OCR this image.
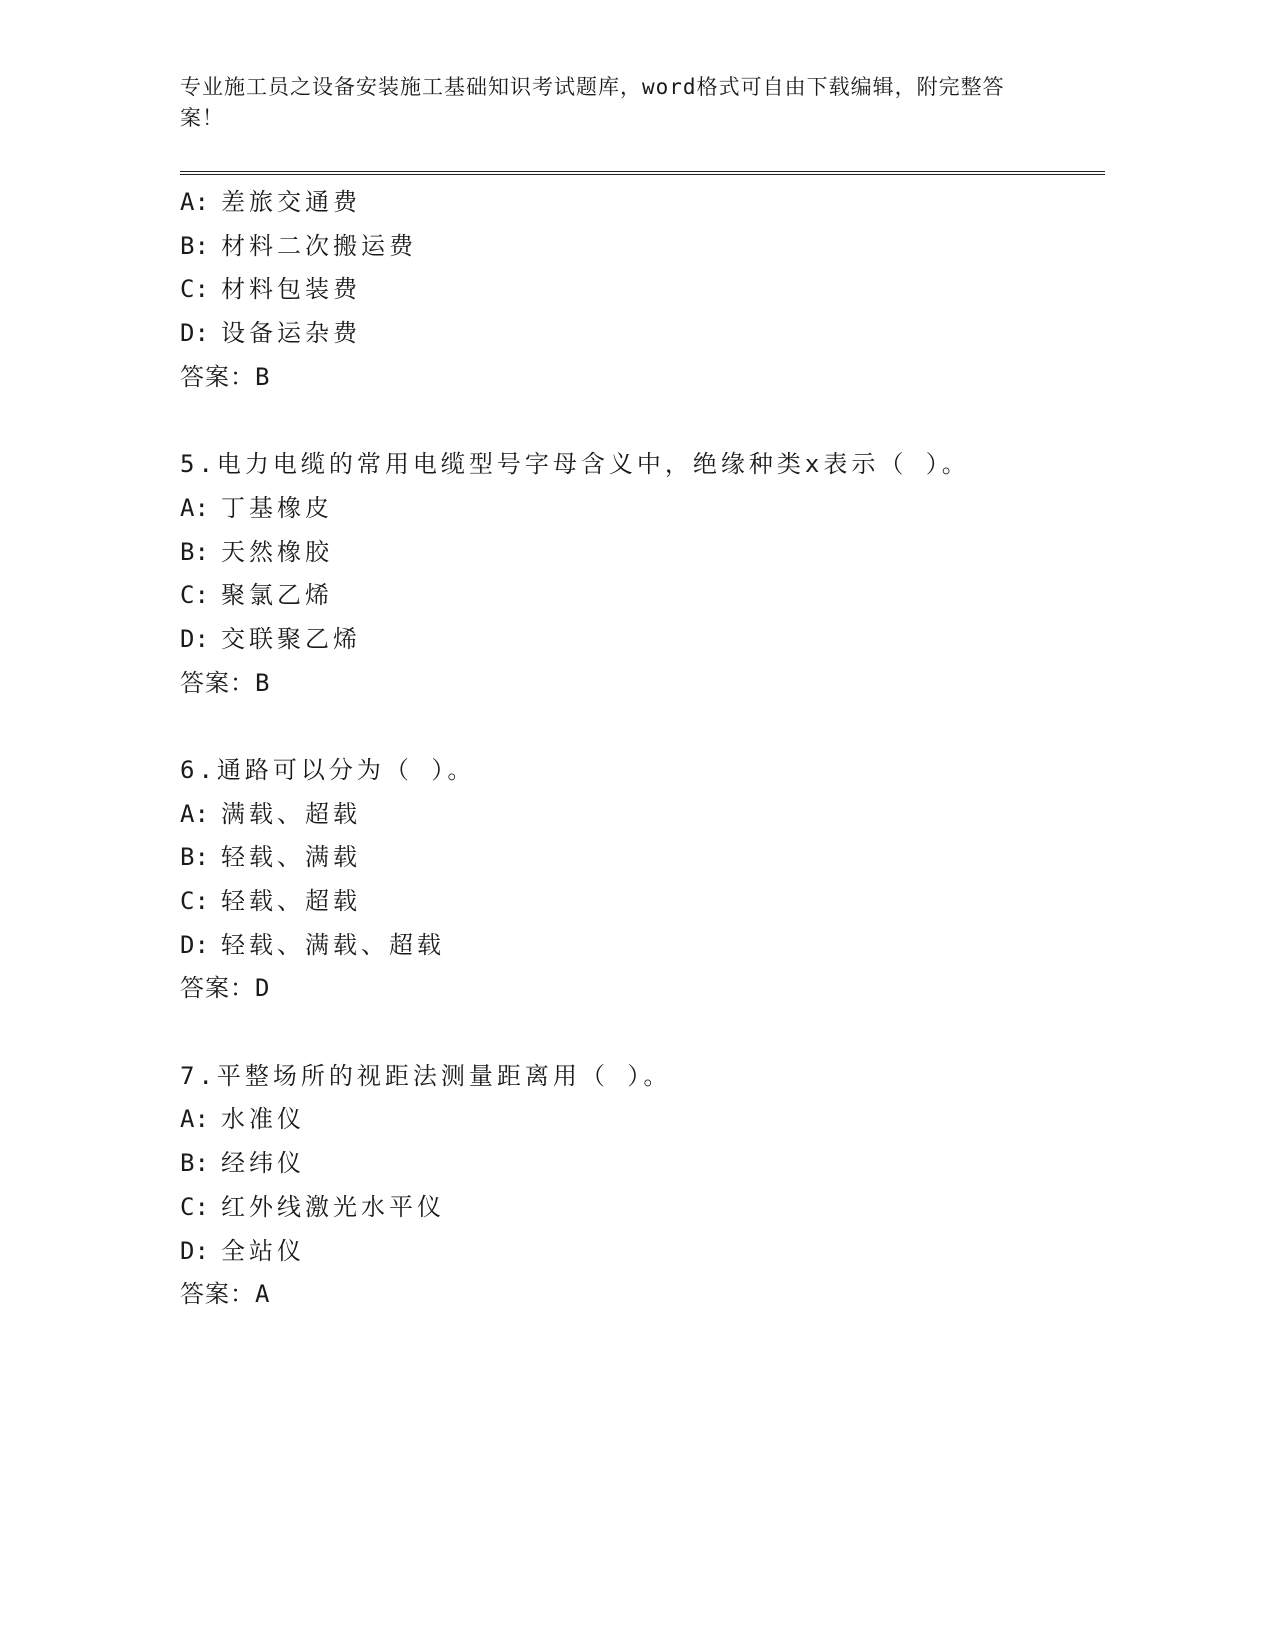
专业施工员之设备安装施工基础知识考试题库，word格式可自由下载编辑，附完整答案！
A: 差旅交通费
B: 材料二次搬运费
C: 材料包装费
D: 设备运杂费
答案：B
5.电力电缆的常用电缆型号字母含义中，绝缘种类x表示（ ）。
A: 丁基橡皮
B: 天然橡胶
C: 聚氯乙烯
D: 交联聚乙烯
答案：B
6.通路可以分为（ ）。
A: 满载、超载
B: 轻载、满载
C: 轻载、超载
D: 轻载、满载、超载
答案：D
7.平整场所的视距法测量距离用（ ）。
A: 水准仪
B: 经纬仪
C: 红外线激光水平仪
D: 全站仪
答案：A
